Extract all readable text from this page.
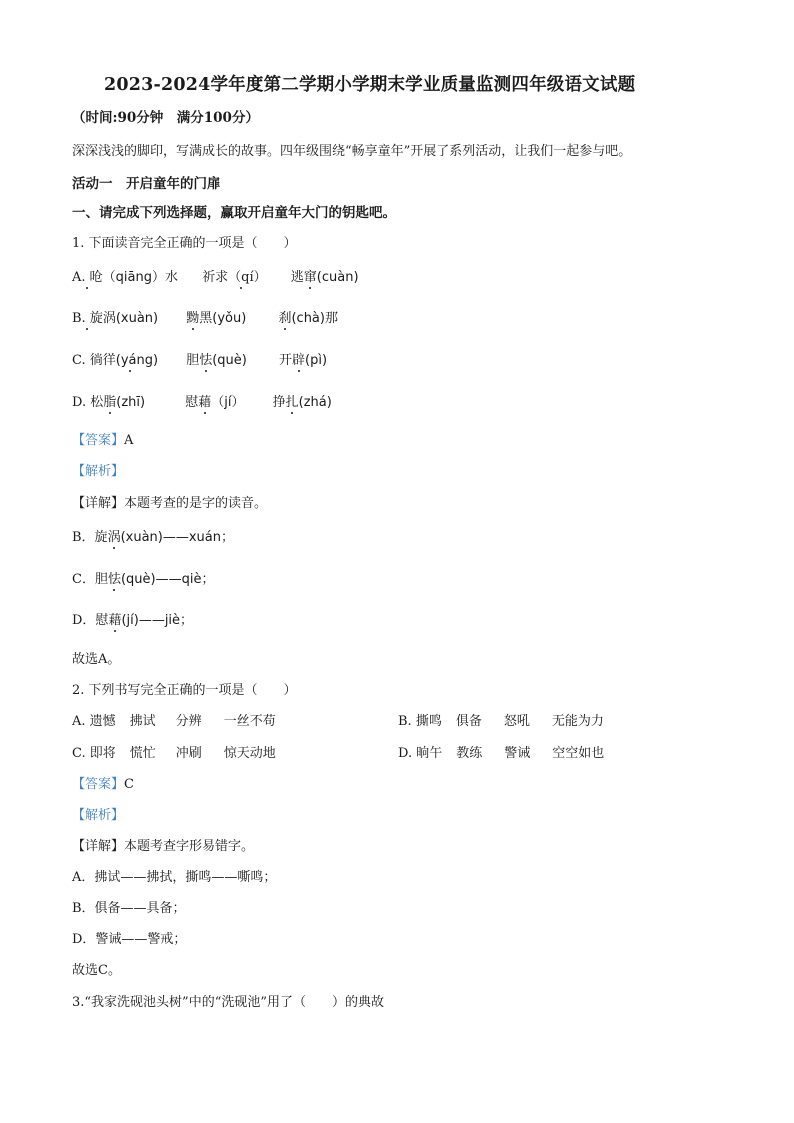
2023-2024学年度第二学期小学期末学业质量监测四年级语文试题
（时间:90分钟　满分100分）
深深浅浅的脚印，写满成长的故事。四年级围绕“畅享童年”开展了系列活动，让我们一起参与吧。
活动一　开启童年的门扉
一、请完成下列选择题，赢取开启童年大门的钥匙吧。
1. 下面读音完全正确的一项是（　　）
A. 呛（qiāng）水 祈求（qí） 逃窜(cuàn)
B. 旋涡(xuàn) 黝黑(yǒu) 刹(chà)那
C. 徜徉(yáng) 胆怯(què) 开辟(pì)
D. 松脂(zhī)	慰藉（jí） 挣扎(zhá)
【答案】A
【解析】
【详解】本题考查的是字的读音。
B．旋涡(xuàn)——xuán；
C．胆怯(què)——qiè；
D．慰藉(jí)——jiè；
故选A。
2. 下列书写完全正确的一项是（　　）
A. 遗憾 拂试 分辨 一丝不苟	B. 撕鸣 俱备 怒吼 无能为力
C. 即将 慌忙 冲刷 惊天动地	D. 晌午 教练 警诫 空空如也
【答案】C
【解析】
【详解】本题考查字形易错字。
A．拂试——拂拭，撕鸣——嘶鸣；
B．俱备——具备；
D．警诫——警戒；
故选C。
3.“我家洗砚池头树”中的“洗砚池”用了（　　）的典故
